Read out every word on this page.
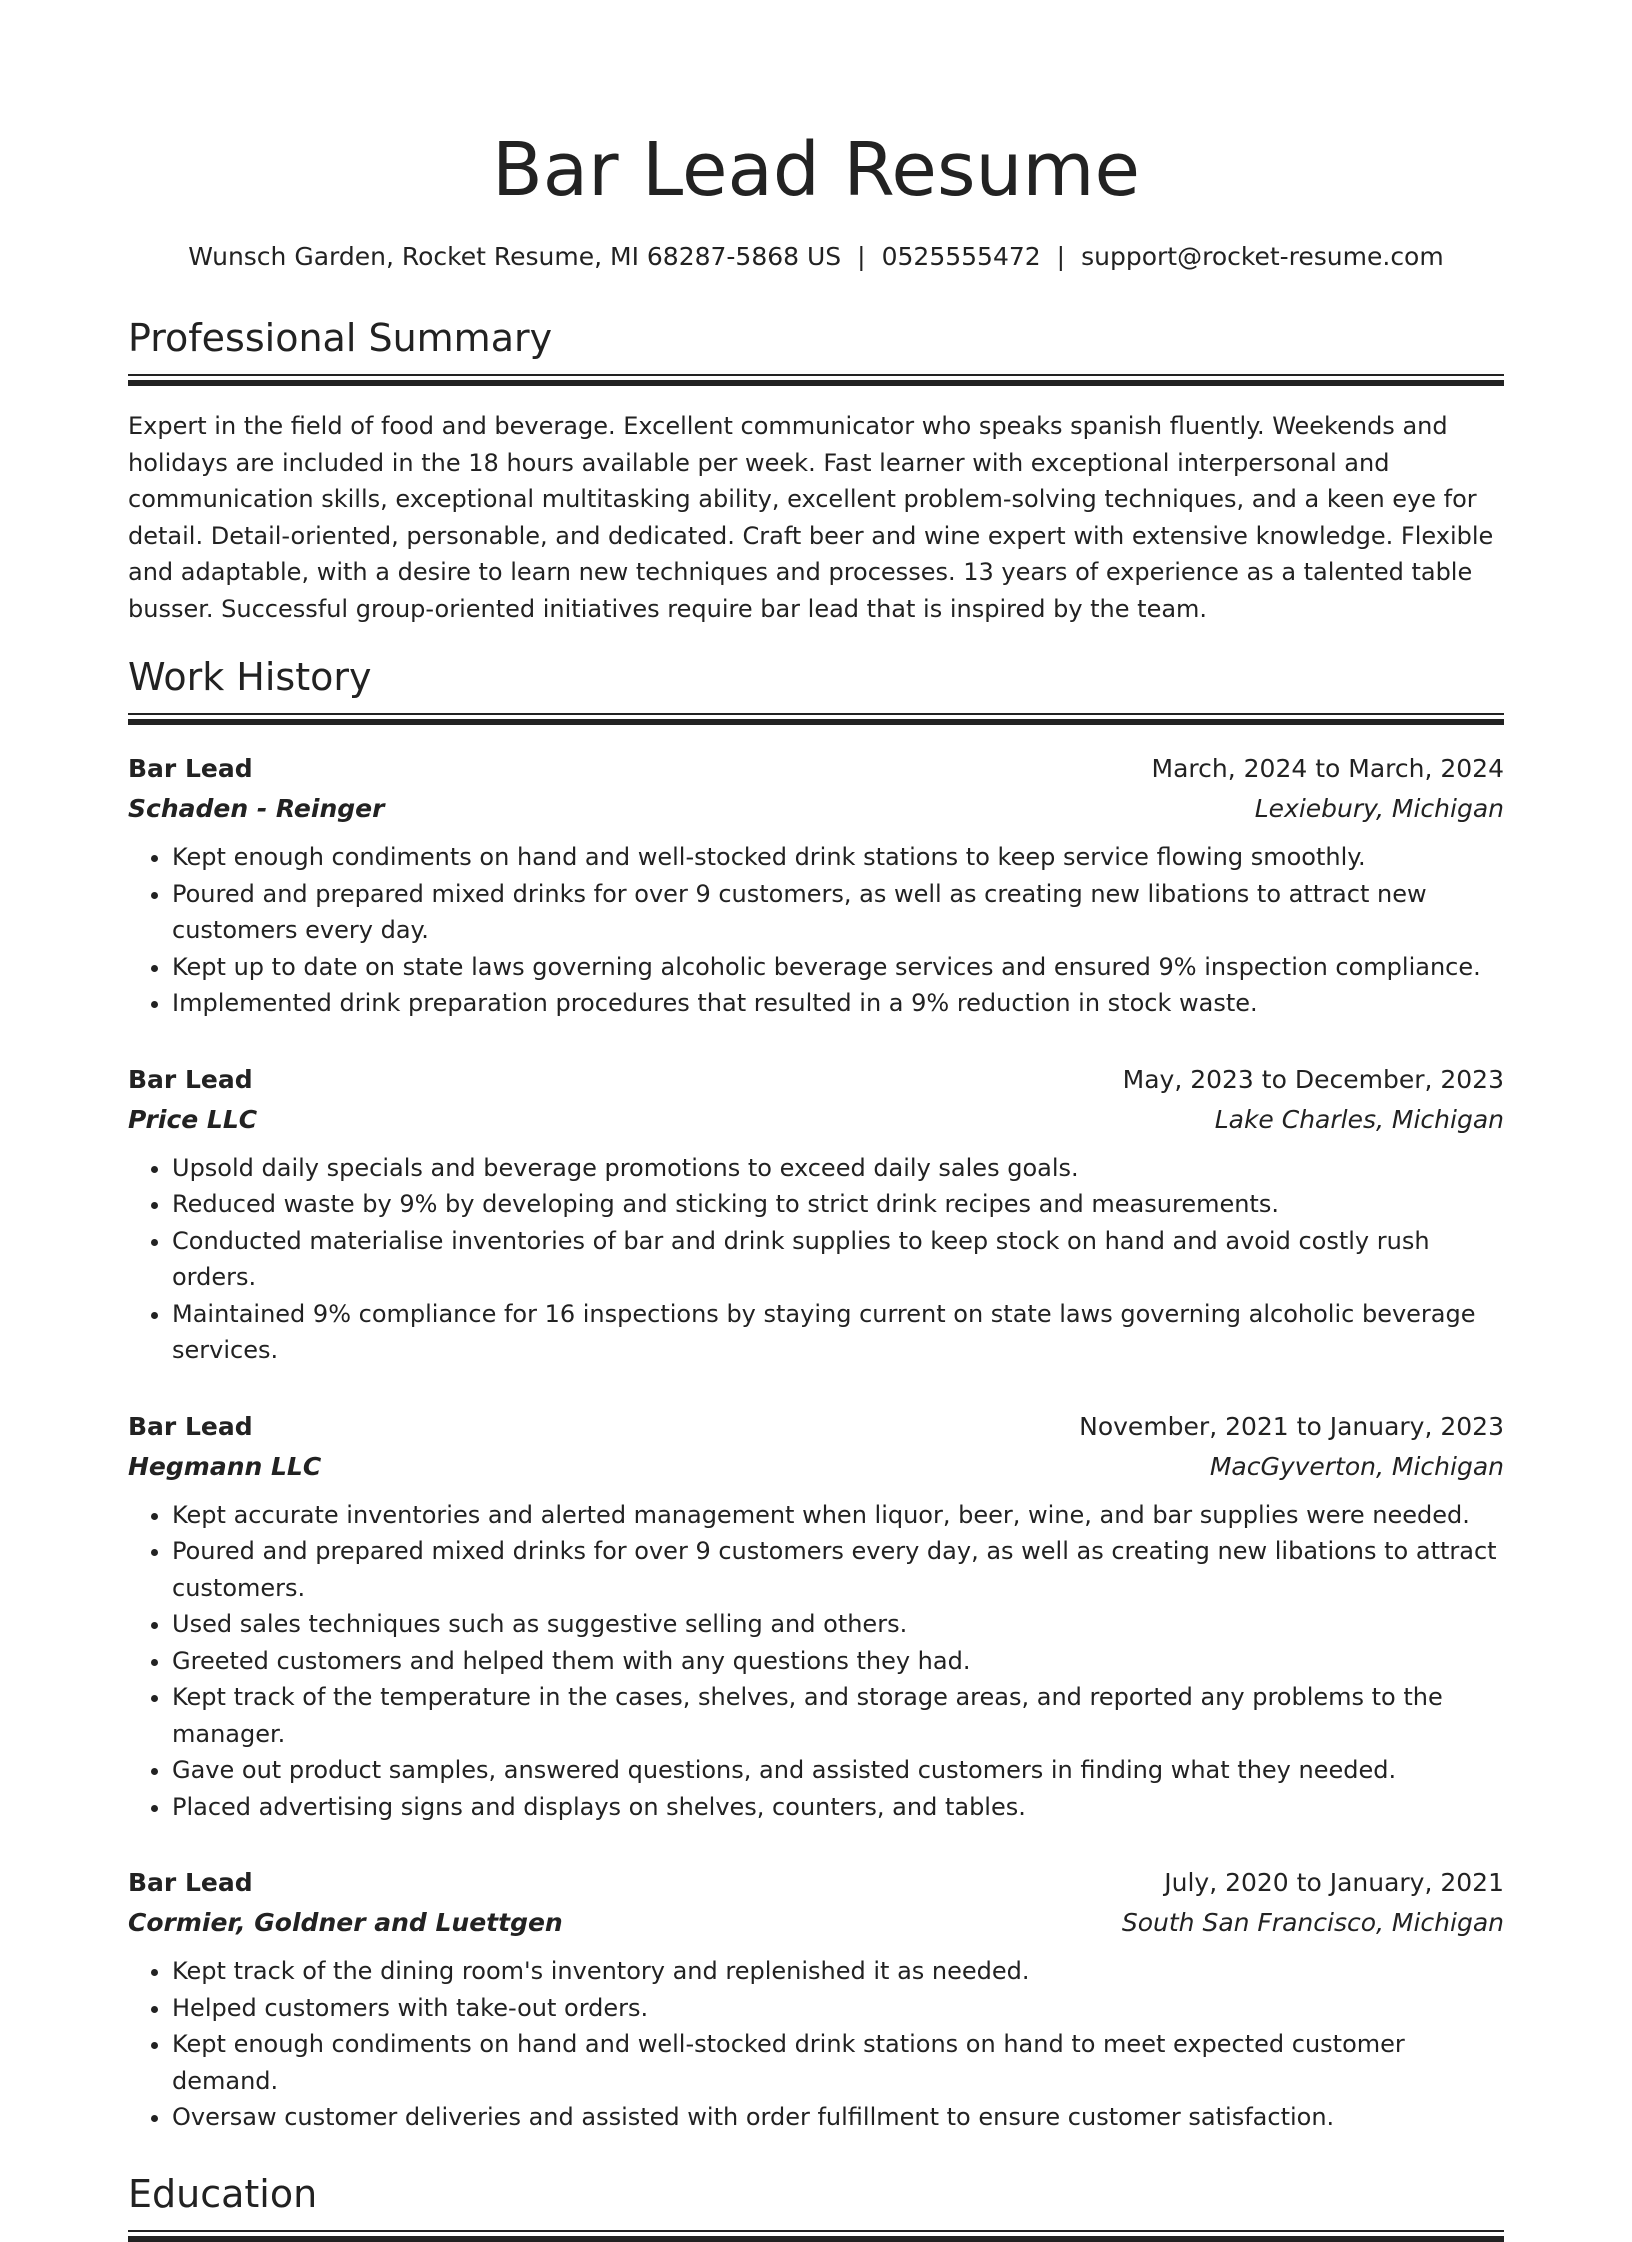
Bar Lead Resume
Wunsch Garden, Rocket Resume, MI 68287-5868 US | 0525555472 | support@rocket-resume.com
Professional Summary

Expert in the field of food and beverage. Excellent communicator who speaks spanish fluently. Weekends and holidays are included in the 18 hours available per week. Fast learner with exceptional interpersonal and communication skills, exceptional multitasking ability, excellent problem-solving techniques, and a keen eye for detail. Detail-oriented, personable, and dedicated. Craft beer and wine expert with extensive knowledge. Flexible and adaptable, with a desire to learn new techniques and processes. 13 years of experience as a talented table busser. Successful group-oriented initiatives require bar lead that is inspired by the team.

Work History
Bar Lead	March, 2024 to March, 2024
Schaden - Reinger	Lexiebury, Michigan
• Kept enough condiments on hand and well-stocked drink stations to keep service flowing smoothly.
• Poured and prepared mixed drinks for over 9 customers, as well as creating new libations to attract new customers every day.
• Kept up to date on state laws governing alcoholic beverage services and ensured 9% inspection compliance.
• Implemented drink preparation procedures that resulted in a 9% reduction in stock waste.
Bar Lead	May, 2023 to December, 2023
Price LLC	Lake Charles, Michigan
• Upsold daily specials and beverage promotions to exceed daily sales goals.
• Reduced waste by 9% by developing and sticking to strict drink recipes and measurements.
• Conducted materialise inventories of bar and drink supplies to keep stock on hand and avoid costly rush orders.
• Maintained 9% compliance for 16 inspections by staying current on state laws governing alcoholic beverage services.
Bar Lead	November, 2021 to January, 2023
Hegmann LLC	MacGyverton, Michigan
• Kept accurate inventories and alerted management when liquor, beer, wine, and bar supplies were needed.
• Poured and prepared mixed drinks for over 9 customers every day, as well as creating new libations to attract customers.
• Used sales techniques such as suggestive selling and others.
• Greeted customers and helped them with any questions they had.
• Kept track of the temperature in the cases, shelves, and storage areas, and reported any problems to the manager.
• Gave out product samples, answered questions, and assisted customers in finding what they needed.
• Placed advertising signs and displays on shelves, counters, and tables.
Bar Lead	July, 2020 to January, 2021
Cormier, Goldner and Luettgen	South San Francisco, Michigan
• Kept track of the dining room's inventory and replenished it as needed.
• Helped customers with take-out orders.
• Kept enough condiments on hand and well-stocked drink stations on hand to meet expected customer demand.
• Oversaw customer deliveries and assisted with order fulfillment to ensure customer satisfaction.
Education
